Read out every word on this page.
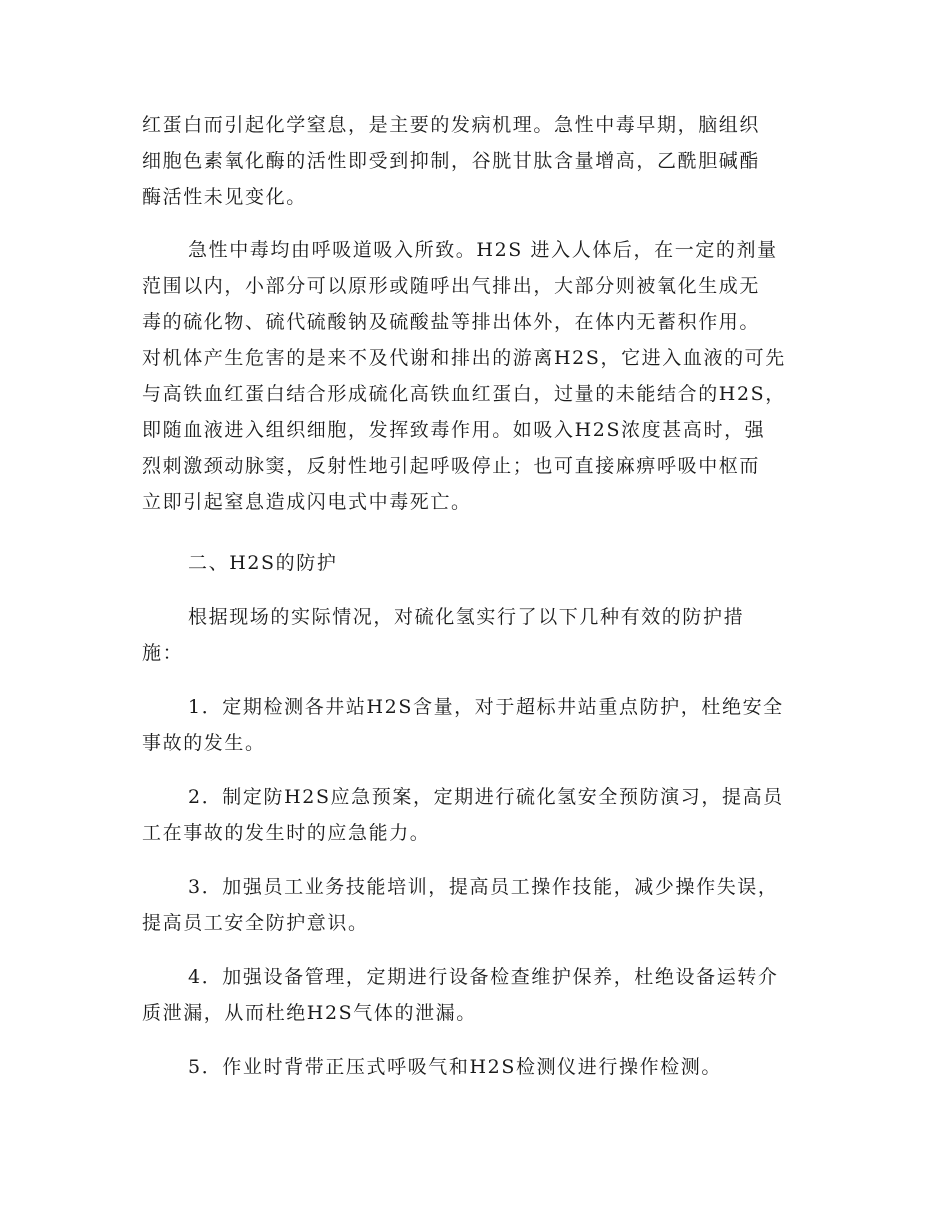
红蛋白而引起化学窒息，是主要的发病机理。急性中毒早期，脑组织
细胞色素氧化酶的活性即受到抑制，谷胱甘肽含量增高，乙酰胆碱酯
酶活性未见变化。
急性中毒均由呼吸道吸入所致。H2S 进入人体后，在一定的剂量
范围以内，小部分可以原形或随呼出气排出，大部分则被氧化生成无
毒的硫化物、硫代硫酸钠及硫酸盐等排出体外，在体内无蓄积作用。
对机体产生危害的是来不及代谢和排出的游离H2S，它进入血液的可先
与高铁血红蛋白结合形成硫化高铁血红蛋白，过量的未能结合的H2S，
即随血液进入组织细胞，发挥致毒作用。如吸入H2S浓度甚高时，强
烈刺激颈动脉窦，反射性地引起呼吸停止；也可直接麻痹呼吸中枢而
立即引起窒息造成闪电式中毒死亡。
二、H2S的防护
根据现场的实际情况，对硫化氢实行了以下几种有效的防护措
施：
1．定期检测各井站H2S含量，对于超标井站重点防护，杜绝安全
事故的发生。
2．制定防H2S应急预案，定期进行硫化氢安全预防演习，提高员
工在事故的发生时的应急能力。
3．加强员工业务技能培训，提高员工操作技能，减少操作失误，
提高员工安全防护意识。
4．加强设备管理，定期进行设备检查维护保养，杜绝设备运转介
质泄漏，从而杜绝H2S气体的泄漏。
5．作业时背带正压式呼吸气和H2S检测仪进行操作检测。
